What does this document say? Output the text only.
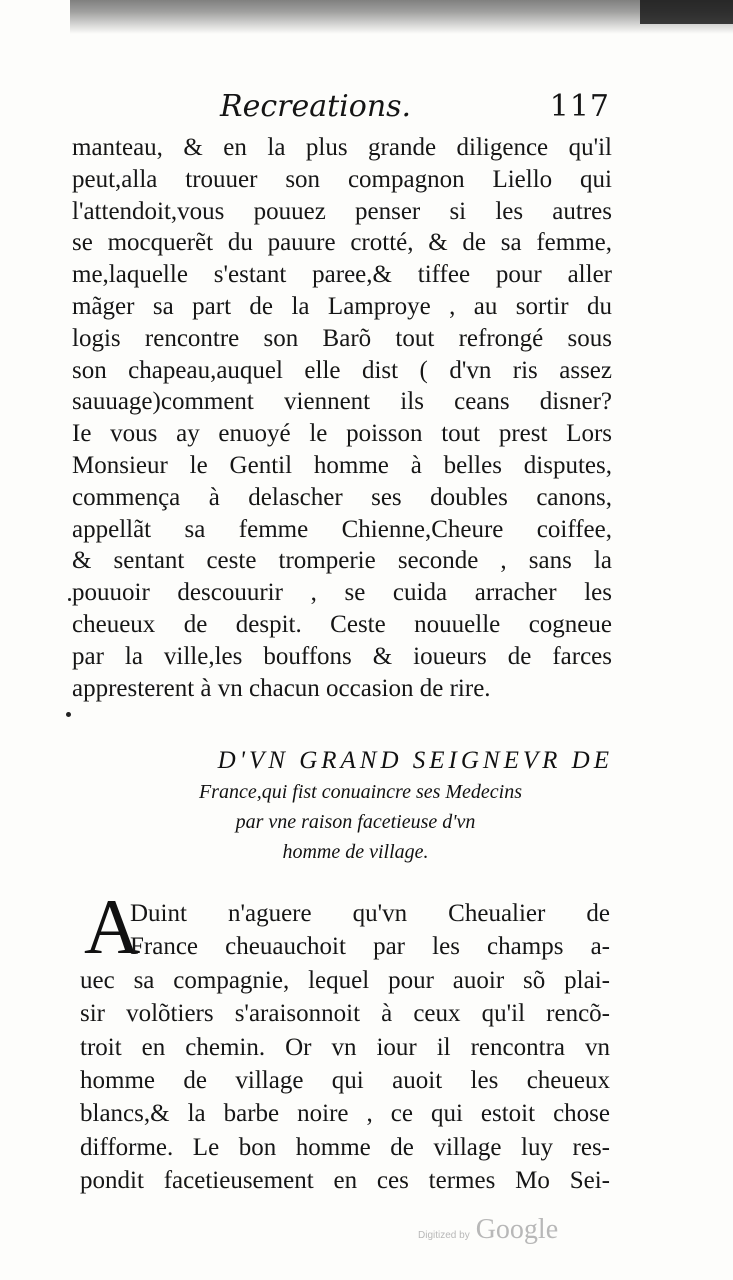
Recreations.	117
manteau, & en la plus grande diligence qu'il
peut,alla trouuer son compagnon Liello qui
l'attendoit,vous pouuez penser si les autres
se mocquerẽt du pauure crotté, & de sa femme,
me,laquelle s'estant paree,& tiffee pour aller
mãger sa part de la Lamproye , au sortir du
logis rencontre son Barõ tout refrongé sous
son chapeau,auquel elle dist ( d'vn ris assez
sauuage)comment viennent ils ceans disner?
Ie vous ay enuoyé le poisson tout prest Lors
Monsieur le Gentil homme à belles disputes,
commença à delascher ses doubles canons,
appellãt sa femme Chienne,Cheure coiffee,
& sentant ceste tromperie seconde , sans la
pouuoir descouurir , se cuida arracher les
cheueux de despit. Ceste nouuelle cogneue
par la ville,les bouffons & ioueurs de farces
appresterent à vn chacun occasion de rire.
D'VN GRAND SEIGNEVR DE
France,qui fist conuaincre ses Medecins
par vne raison facetieuse d'vn
homme de village.
A
Duint n'aguere qu'vn Cheualier de
France cheuauchoit par les champs a-
uec sa compagnie, lequel pour auoir sõ plai-
sir volõtiers s'araisonnoit à ceux qu'il rencõ-
troit en chemin. Or vn iour il rencontra vn
homme de village qui auoit les cheueux
blancs,& la barbe noire , ce qui estoit chose
difforme. Le bon homme de village luy res-
pondit facetieusement en ces termes Mo Sei-
Digitized by Google
